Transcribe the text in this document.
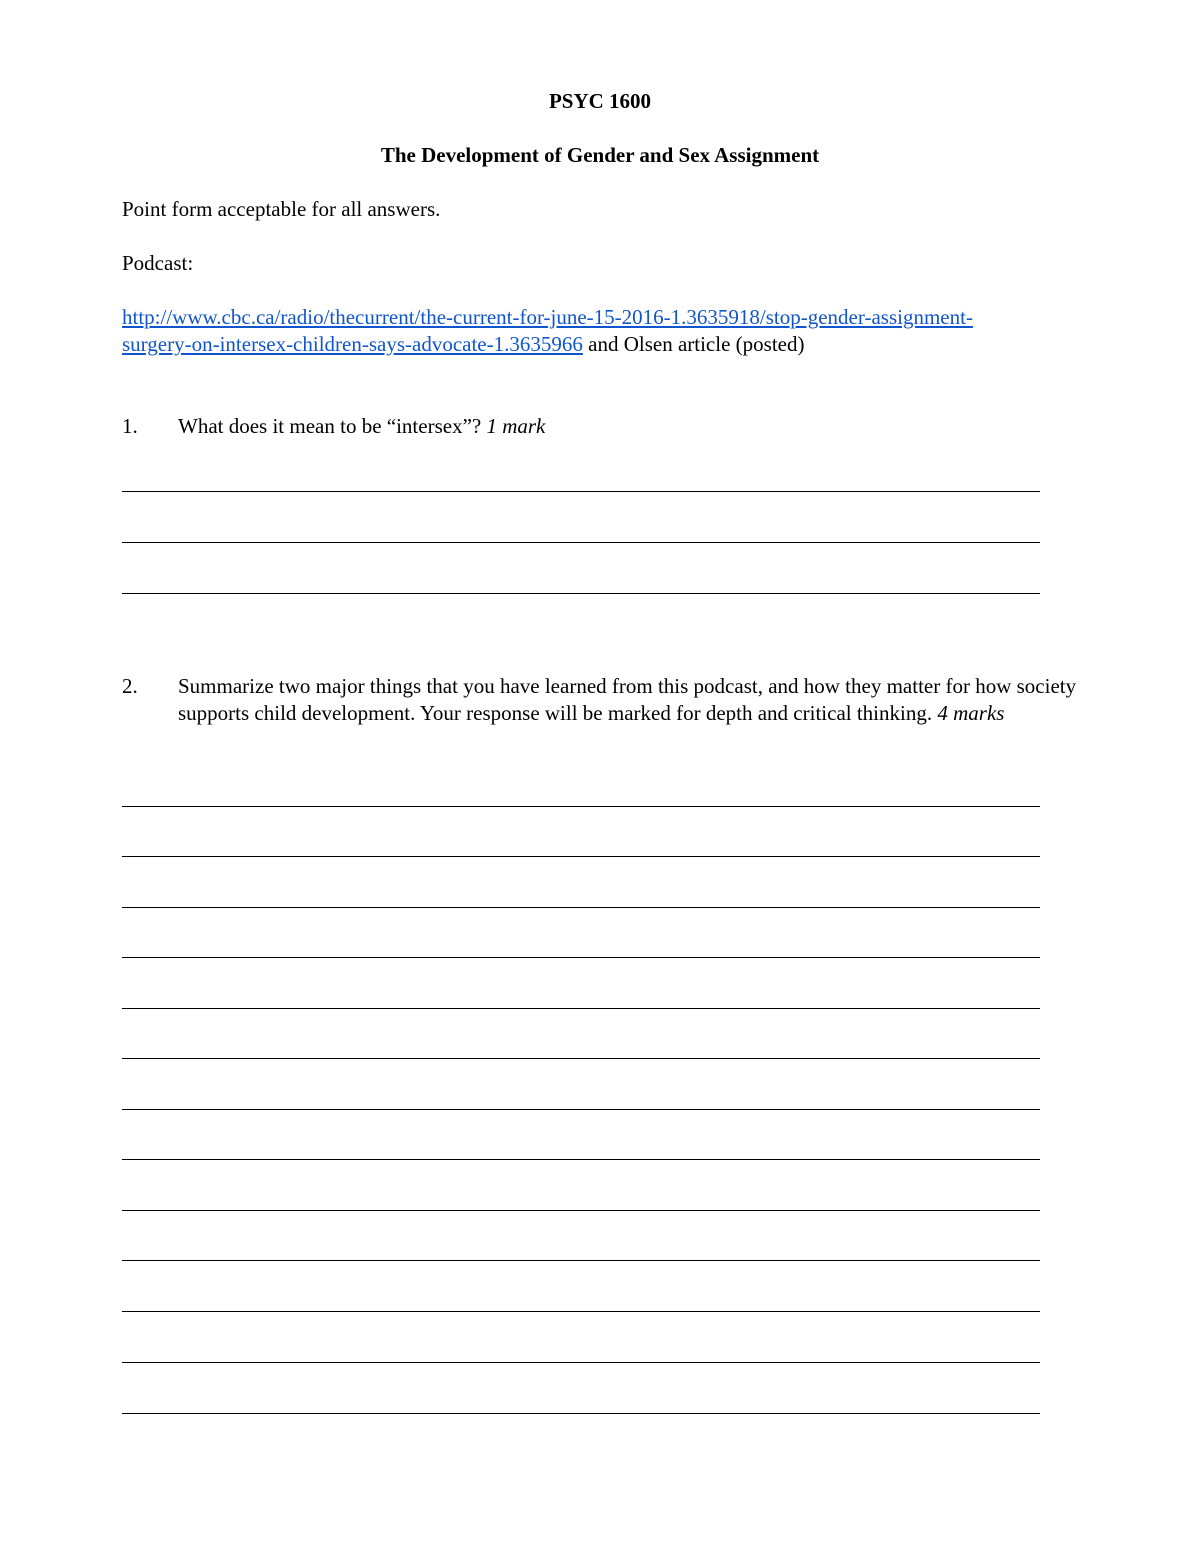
PSYC 1600
The Development of Gender and Sex Assignment
Point form acceptable for all answers.
Podcast:
http://www.cbc.ca/radio/thecurrent/the-current-for-june-15-2016-1.3635918/stop-gender-assignment-
surgery-on-intersex-children-says-advocate-1.3635966 and Olsen article (posted)
1. What does it mean to be “intersex”? 1 mark
2. Summarize two major things that you have learned from this podcast, and how they matter for how society supports child development. Your response will be marked for depth and critical thinking. 4 marks
